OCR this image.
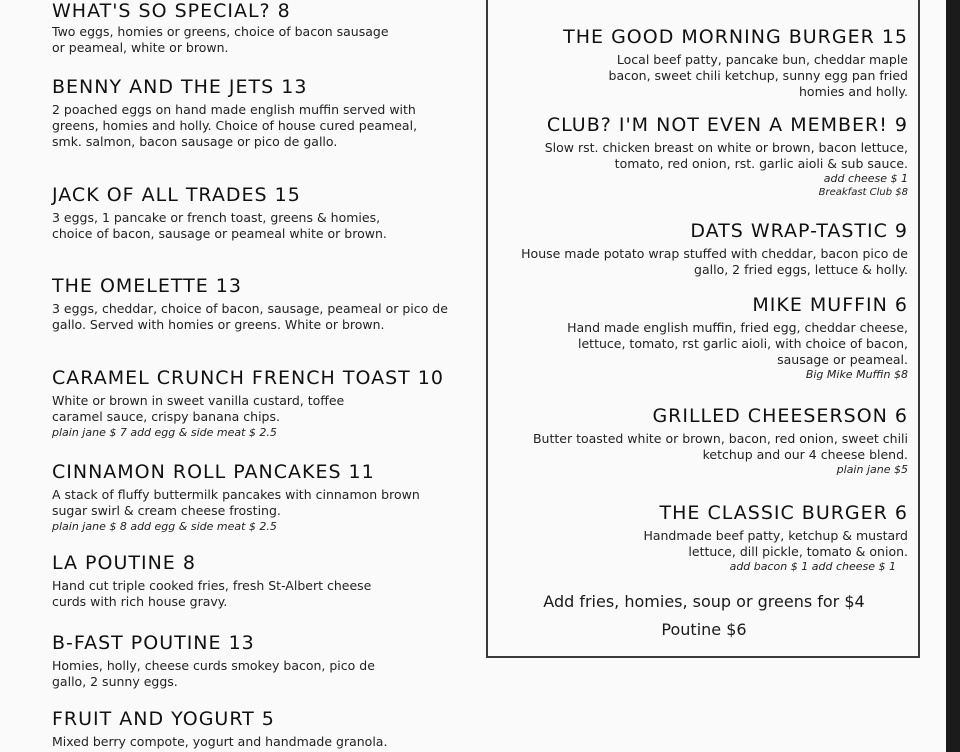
WHAT'S SO SPECIAL? 8

Two eggs, homies or greens, choice of bacon sausage or peameal, white or brown.

BENNY AND THE JETS 13

2 poached eggs on hand made english muffin served with greens, homies and holly. Choice of house cured peameal, smk. salmon, bacon sausage or pico de gallo.

JACK OF ALL TRADES 15

3 eggs, 1 pancake or french toast, greens & homies, choice of bacon, sausage or peameal white or brown.

THE OMELETTE 13

3 eggs, cheddar, choice of bacon, sausage, peameal or pico de gallo. Served with homies or greens. White or brown.

CARAMEL CRUNCH FRENCH TOAST 10

White or brown in sweet vanilla custard, toffee caramel sauce, crispy banana chips.

plain jane $ 7 add egg & side meat $ 2.5
CINNAMON ROLL PANCAKES 11

A stack of fluffy buttermilk pancakes with cinnamon brown sugar swirl & cream cheese frosting.

plain jane $ 8 add egg & side meat $ 2.5
LA POUTINE 8

Hand cut triple cooked fries, fresh St-Albert cheese curds with rich house gravy.

B-FAST POUTINE 13

Homies, holly, cheese curds smokey bacon, pico de gallo, 2 sunny eggs.

FRUIT AND YOGURT 5

Mixed berry compote, yogurt and handmade granola.

THE GOOD MORNING BURGER 15

Local beef patty, pancake bun, cheddar maple bacon, sweet chili ketchup, sunny egg pan fried homies and holly.

CLUB? I'M NOT EVEN A MEMBER! 9

Slow rst. chicken breast on white or brown, bacon lettuce, tomato, red onion, rst. garlic aioli & sub sauce.

add cheese $ 1
Breakfast Club $8
DATS WRAP-TASTIC 9

House made potato wrap stuffed with cheddar, bacon pico de gallo, 2 fried eggs, lettuce & holly.

MIKE MUFFIN 6

Hand made english muffin, fried egg, cheddar cheese, lettuce, tomato, rst garlic aioli, with choice of bacon, sausage or peameal.

Big Mike Muffin $8
GRILLED CHEESERSON 6

Butter toasted white or brown, bacon, red onion, sweet chili ketchup and our 4 cheese blend.

plain jane $5
THE CLASSIC BURGER 6

Handmade beef patty, ketchup & mustard lettuce, dill pickle, tomato & onion.

add bacon $ 1 add cheese $ 1
Add fries, homies, soup or greens for $4
Poutine $6
